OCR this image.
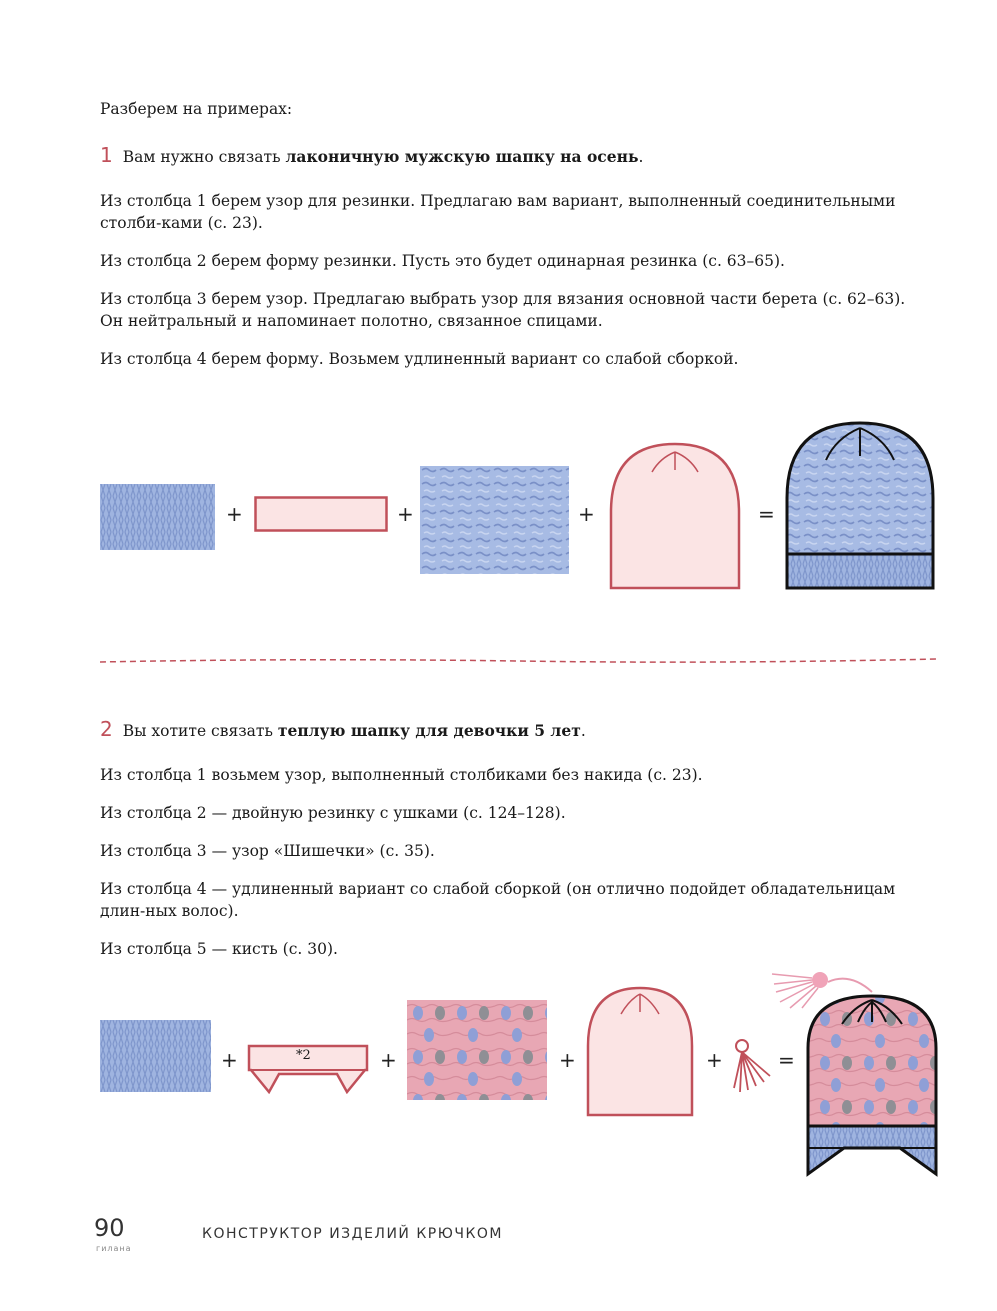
Разберем на примерах:
1 Вам нужно связать лаконичную мужскую шапку на осень.
Из столбца 1 берем узор для резинки. Предлагаю вам вариант, выполненный соединительными столби-ками (с. 23).
Из столбца 2 берем форму резинки. Пусть это будет одинарная резинка (с. 63–65).
Из столбца 3 берем узор. Предлагаю выбрать узор для вязания основной части берета (с. 62–63). Он нейтральный и напоминает полотно, связанное спицами.
Из столбца 4 берем форму. Возьмем удлиненный вариант со слабой сборкой.
+	+	+	=
2 Вы хотите связать теплую шапку для девочки 5 лет.
Из столбца 1 возьмем узор, выполненный столбиками без накида (с. 23).
Из столбца 2 — двойную резинку с ушками (с. 124–128).
Из столбца 3 — узор «Шишечки» (с. 35).
Из столбца 4 — удлиненный вариант со слабой сборкой (он отлично подойдет обладательницам длин-ных волос).
Из столбца 5 — кисть (с. 30).
+	*2	+	+	+	=
90
гилана
КОНСТРУКТОР ИЗДЕЛИЙ КРЮЧКОМ
